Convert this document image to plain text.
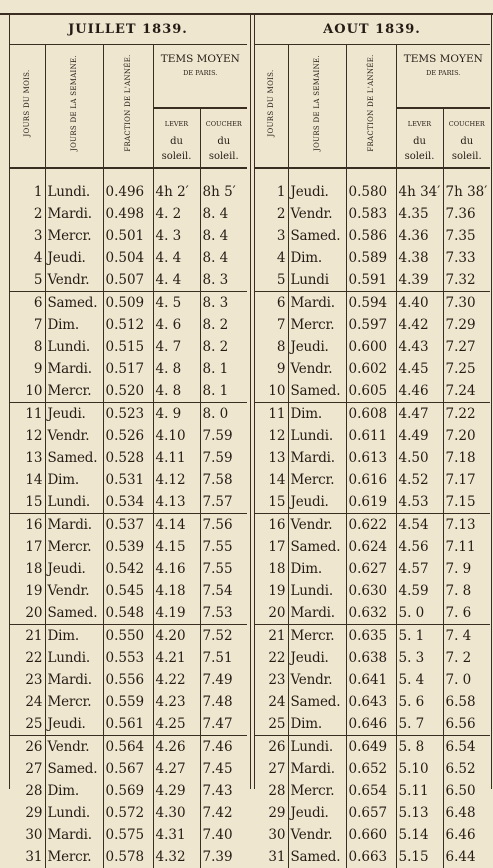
JUILLET 1839.				

JOURS DU MOIS.	JOURS DE LA SEMAINE.	FRACTION DE L'ANNÉE.	TEMS MOYEN
DE PARIS.	

			LEVER
du
soleil.	COUCHER
du
soleil.

1	Lundi.	0.496	4h 2′	8h 5′
2	Mardi.	0.498	4. 2	8. 4
3	Mercr.	0.501	4. 3	8. 4
4	Jeudi.	0.504	4. 4	8. 4
5	Vendr.	0.507	4. 4	8. 3
6	Samed.	0.509	4. 5	8. 3
7	Dim.	0.512	4. 6	8. 2
8	Lundi.	0.515	4. 7	8. 2
9	Mardi.	0.517	4. 8	8. 1
10	Mercr.	0.520	4. 8	8. 1
11	Jeudi.	0.523	4. 9	8. 0
12	Vendr.	0.526	4.10	7.59
13	Samed.	0.528	4.11	7.59
14	Dim.	0.531	4.12	7.58
15	Lundi.	0.534	4.13	7.57
16	Mardi.	0.537	4.14	7.56
17	Mercr.	0.539	4.15	7.55
18	Jeudi.	0.542	4.16	7.55
19	Vendr.	0.545	4.18	7.54
20	Samed.	0.548	4.19	7.53
21	Dim.	0.550	4.20	7.52
22	Lundi.	0.553	4.21	7.51
23	Mardi.	0.556	4.22	7.49
24	Mercr.	0.559	4.23	7.48
25	Jeudi.	0.561	4.25	7.47
26	Vendr.	0.564	4.26	7.46
27	Samed.	0.567	4.27	7.45
28	Dim.	0.569	4.29	7.43
29	Lundi.	0.572	4.30	7.42
30	Mardi.	0.575	4.31	7.40
31	Mercr.	0.578	4.32	7.39
AOUT 1839.				

JOURS DU MOIS.	JOURS DE LA SEMAINE.	FRACTION DE L'ANNÉE.	TEMS MOYEN
DE PARIS.	

			LEVER
du
soleil.	COUCHER
du
soleil.

1	Jeudi.	0.580	4h 34′	7h 38′
2	Vendr.	0.583	4.35	7.36
3	Samed.	0.586	4.36	7.35
4	Dim.	0.589	4.38	7.33
5	Lundi	0.591	4.39	7.32
6	Mardi.	0.594	4.40	7.30
7	Mercr.	0.597	4.42	7.29
8	Jeudi.	0.600	4.43	7.27
9	Vendr.	0.602	4.45	7.25
10	Samed.	0.605	4.46	7.24
11	Dim.	0.608	4.47	7.22
12	Lundi.	0.611	4.49	7.20
13	Mardi.	0.613	4.50	7.18
14	Mercr.	0.616	4.52	7.17
15	Jeudi.	0.619	4.53	7.15
16	Vendr.	0.622	4.54	7.13
17	Samed.	0.624	4.56	7.11
18	Dim.	0.627	4.57	7. 9
19	Lundi.	0.630	4.59	7. 8
20	Mardi.	0.632	5. 0	7. 6
21	Mercr.	0.635	5. 1	7. 4
22	Jeudi.	0.638	5. 3	7. 2
23	Vendr.	0.641	5. 4	7. 0
24	Samed.	0.643	5. 6	6.58
25	Dim.	0.646	5. 7	6.56
26	Lundi.	0.649	5. 8	6.54
27	Mardi.	0.652	5.10	6.52
28	Mercr.	0.654	5.11	6.50
29	Jeudi.	0.657	5.13	6.48
30	Vendr.	0.660	5.14	6.46
31	Samed.	0.663	5.15	6.44
